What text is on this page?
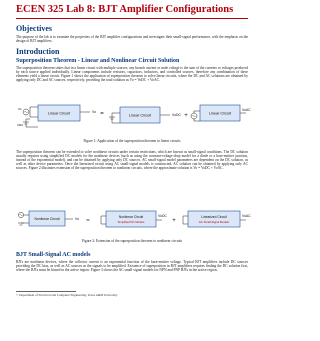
ECEN 325 Lab 8: BJT Amplifier Configurations
Objectives
The purpose of the lab is to examine the properties of the BJT amplifier configurations and investigate their small-signal performance, with the emphasis on the design of BJT amplifiers.
Introduction
Superposition Theorem - Linear and Nonlinear Circuit Solution
The superposition theorem states that in a linear circuit with multiple sources, any branch current or node voltage is the sum of the currents or voltages produced by each source applied individually. Linear components include resistors, capacitors, inductors, and controlled sources, therefore any combination of these elements yield a linear circuit. Figure 1 shows the application of superposition theorem to solve linear circuits, where the DC and AC solutions are obtained by applying only DC and AC sources, respectively, providing the total solution as Vo = VoDC + VoAC.
Linear Circuit	Linear Circuit	Linear Circuit
Vs
VDC
Vo
VoDC
VoAC
=	+
Figure 1: Application of the superposition theorem to linear circuits
The superposition theorem can be extended to solve nonlinear circuits under certain restrictions, which are known as small-signal conditions. The DC solution usually requires using simplified DC models for the nonlinear devices (such as using the constant-voltage-drop model for a diode or a base-emitter junction, instead of the exponential model), and can be obtained by applying only DC sources. AC small-signal model parameters are dependent on the DC solution, as well as other device parameters. Once the linearized circuit using AC small-signal models is constructed, AC solution can be obtained by applying only AC sources. Figure 2 illustrates extension of the superposition theorem to nonlinear circuits, where the approximate solution is Vo = VoDC + VoAC.
Nonlinear Circuit	Nonlinear Circuit
Simplified DC Models
Linearized Circuit
AC Small-Signal Models
Vo
VoDC	VoAC
≈	+
Figure 2: Extension of the superposition theorem to nonlinear circuits
BJT Small-Signal AC models
BJTs are nonlinear devices, where the collector current is an exponential function of the base-emitter voltage. Typical BJT amplifiers include DC sources providing the DC bias, as well as AC sources as the signals to be amplified. Existence of superposition in BJT amplifiers requires finding the DC solution first, where the BJTs must be biased in the active region. Figure 3 shows the AC small-signal models for NPN and PNP BJTs in the active region.
© Department of Electrical and Computer Engineering, Texas A&M University
